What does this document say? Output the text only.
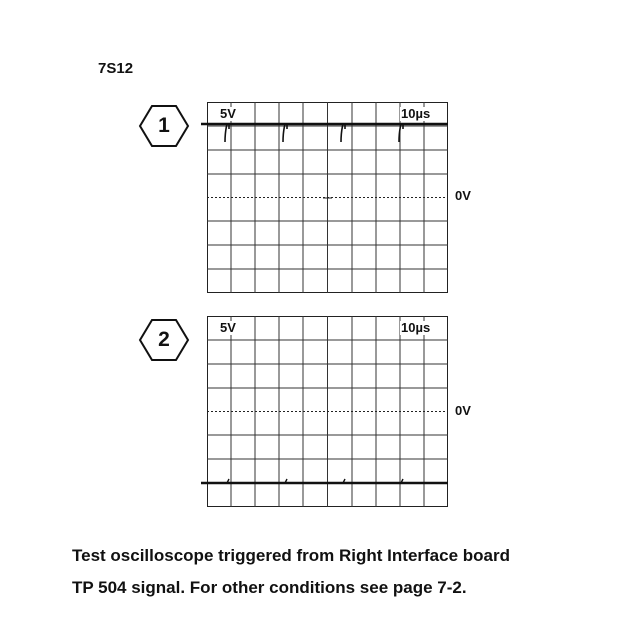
7S12
1
5V	10µs
0V
2
5V	10µs
0V
Test oscilloscope triggered from Right Interface board
TP 504 signal. For other conditions see page 7-2.
